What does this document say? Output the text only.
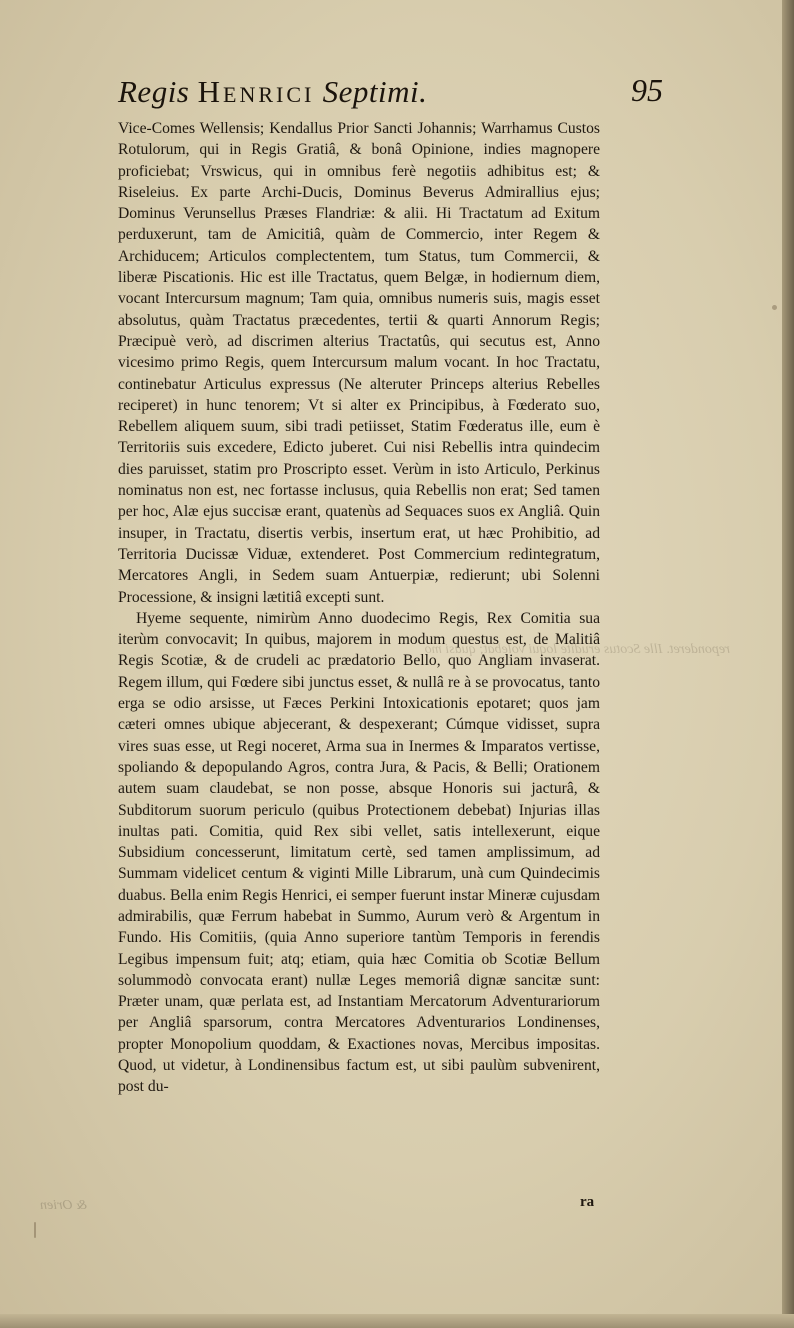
Regis Henrici Septimi.	95

Vice-Comes Wellensis; Kendallus Prior Sancti Johannis; Warrhamus Custos Rotulorum, qui in Regis Gratiâ, & bonâ Opinione, indies magnopere proficiebat; Vrswicus, qui in omnibus ferè negotiis adhibitus est; & Riseleius. Ex parte Archi-Ducis, Dominus Beverus Admirallius ejus; Dominus Verunsellus Præses Flandriæ: & alii. Hi Tractatum ad Exitum perduxerunt, tam de Amicitiâ, quàm de Commercio, inter Regem & Archiducem; Articulos complectentem, tum Status, tum Commercii, & liberæ Piscationis. Hic est ille Tractatus, quem Belgæ, in hodiernum diem, vocant Intercursum magnum; Tam quia, omnibus numeris suis, magis esset absolutus, quàm Tractatus præcedentes, tertii & quarti Annorum Regis; Præcipuè verò, ad discrimen alterius Tractatûs, qui secutus est, Anno vicesimo primo Regis, quem Intercursum malum vocant. In hoc Tractatu, continebatur Articulus expressus (Ne alteruter Princeps alterius Rebelles reciperet) in hunc tenorem; Vt si alter ex Principibus, à Fœderato suo, Rebellem aliquem suum, sibi tradi petiisset, Statim Fœderatus ille, eum è Territoriis suis excedere, Edicto juberet. Cui nisi Rebellis intra quindecim dies paruisset, statim pro Proscripto esset. Verùm in isto Articulo, Perkinus nominatus non est, nec fortasse inclusus, quia Rebellis non erat; Sed tamen per hoc, Alæ ejus succisæ erant, quatenùs ad Sequaces suos ex Angliâ. Quin insuper, in Tractatu, disertis verbis, insertum erat, ut hæc Prohibitio, ad Territoria Ducissæ Viduæ, extenderet. Post Commercium redintegratum, Mercatores Angli, in Sedem suam Antuerpiæ, redierunt; ubi Solenni Processione, & insigni lætitiâ excepti sunt.

Hyeme sequente, nimirùm Anno duodecimo Regis, Rex Comitia sua iterùm convocavit; In quibus, majorem in modum questus est, de Malitiâ Regis Scotiæ, & de crudeli ac prædatorio Bello, quo Angliam invaserat. Regem illum, qui Fœdere sibi junctus esset, & nullâ re à se provocatus, tanto erga se odio arsisse, ut Fæces Perkini Intoxicationis epotaret; quos jam cæteri omnes ubique abjecerant, & despexerant; Cúmque vidisset, supra vires suas esse, ut Regi noceret, Arma sua in Inermes & Imparatos vertisse, spoliando & depopulando Agros, contra Jura, & Pacis, & Belli; Orationem autem suam claudebat, se non posse, absque Honoris sui jacturâ, & Subditorum suorum periculo (quibus Protectionem debebat) Injurias illas inultas pati. Comitia, quid Rex sibi vellet, satis intellexerunt, eique Subsidium concesserunt, limitatum certè, sed tamen amplissimum, ad Summam videlicet centum & viginti Mille Librarum, unà cum Quindecimis duabus. Bella enim Regis Henrici, ei semper fuerunt instar Mineræ cujusdam admirabilis, quæ Ferrum habebat in Summo, Aurum verò & Argentum in Fundo. His Comitiis, (quia Anno superiore tantùm Temporis in ferendis Legibus impensum fuit; atq; etiam, quia hæc Comitia ob Scotiæ Bellum solummodò convocata erant) nullæ Leges memoriâ dignæ sancitæ sunt: Præter unam, quæ perlata est, ad Instantiam Mercatorum Adventurariorum per Angliâ sparsorum, contra Mercatores Adventurarios Londinenses, propter Monopolium quoddam, & Exactiones novas, Mercibus impositas. Quod, ut videtur, à Londinensibus factum est, ut sibi paulùm subvenirent, post du-

reponderet. Ille Scotus erudite loqui volebat; quasi mo
& Orien	ra
